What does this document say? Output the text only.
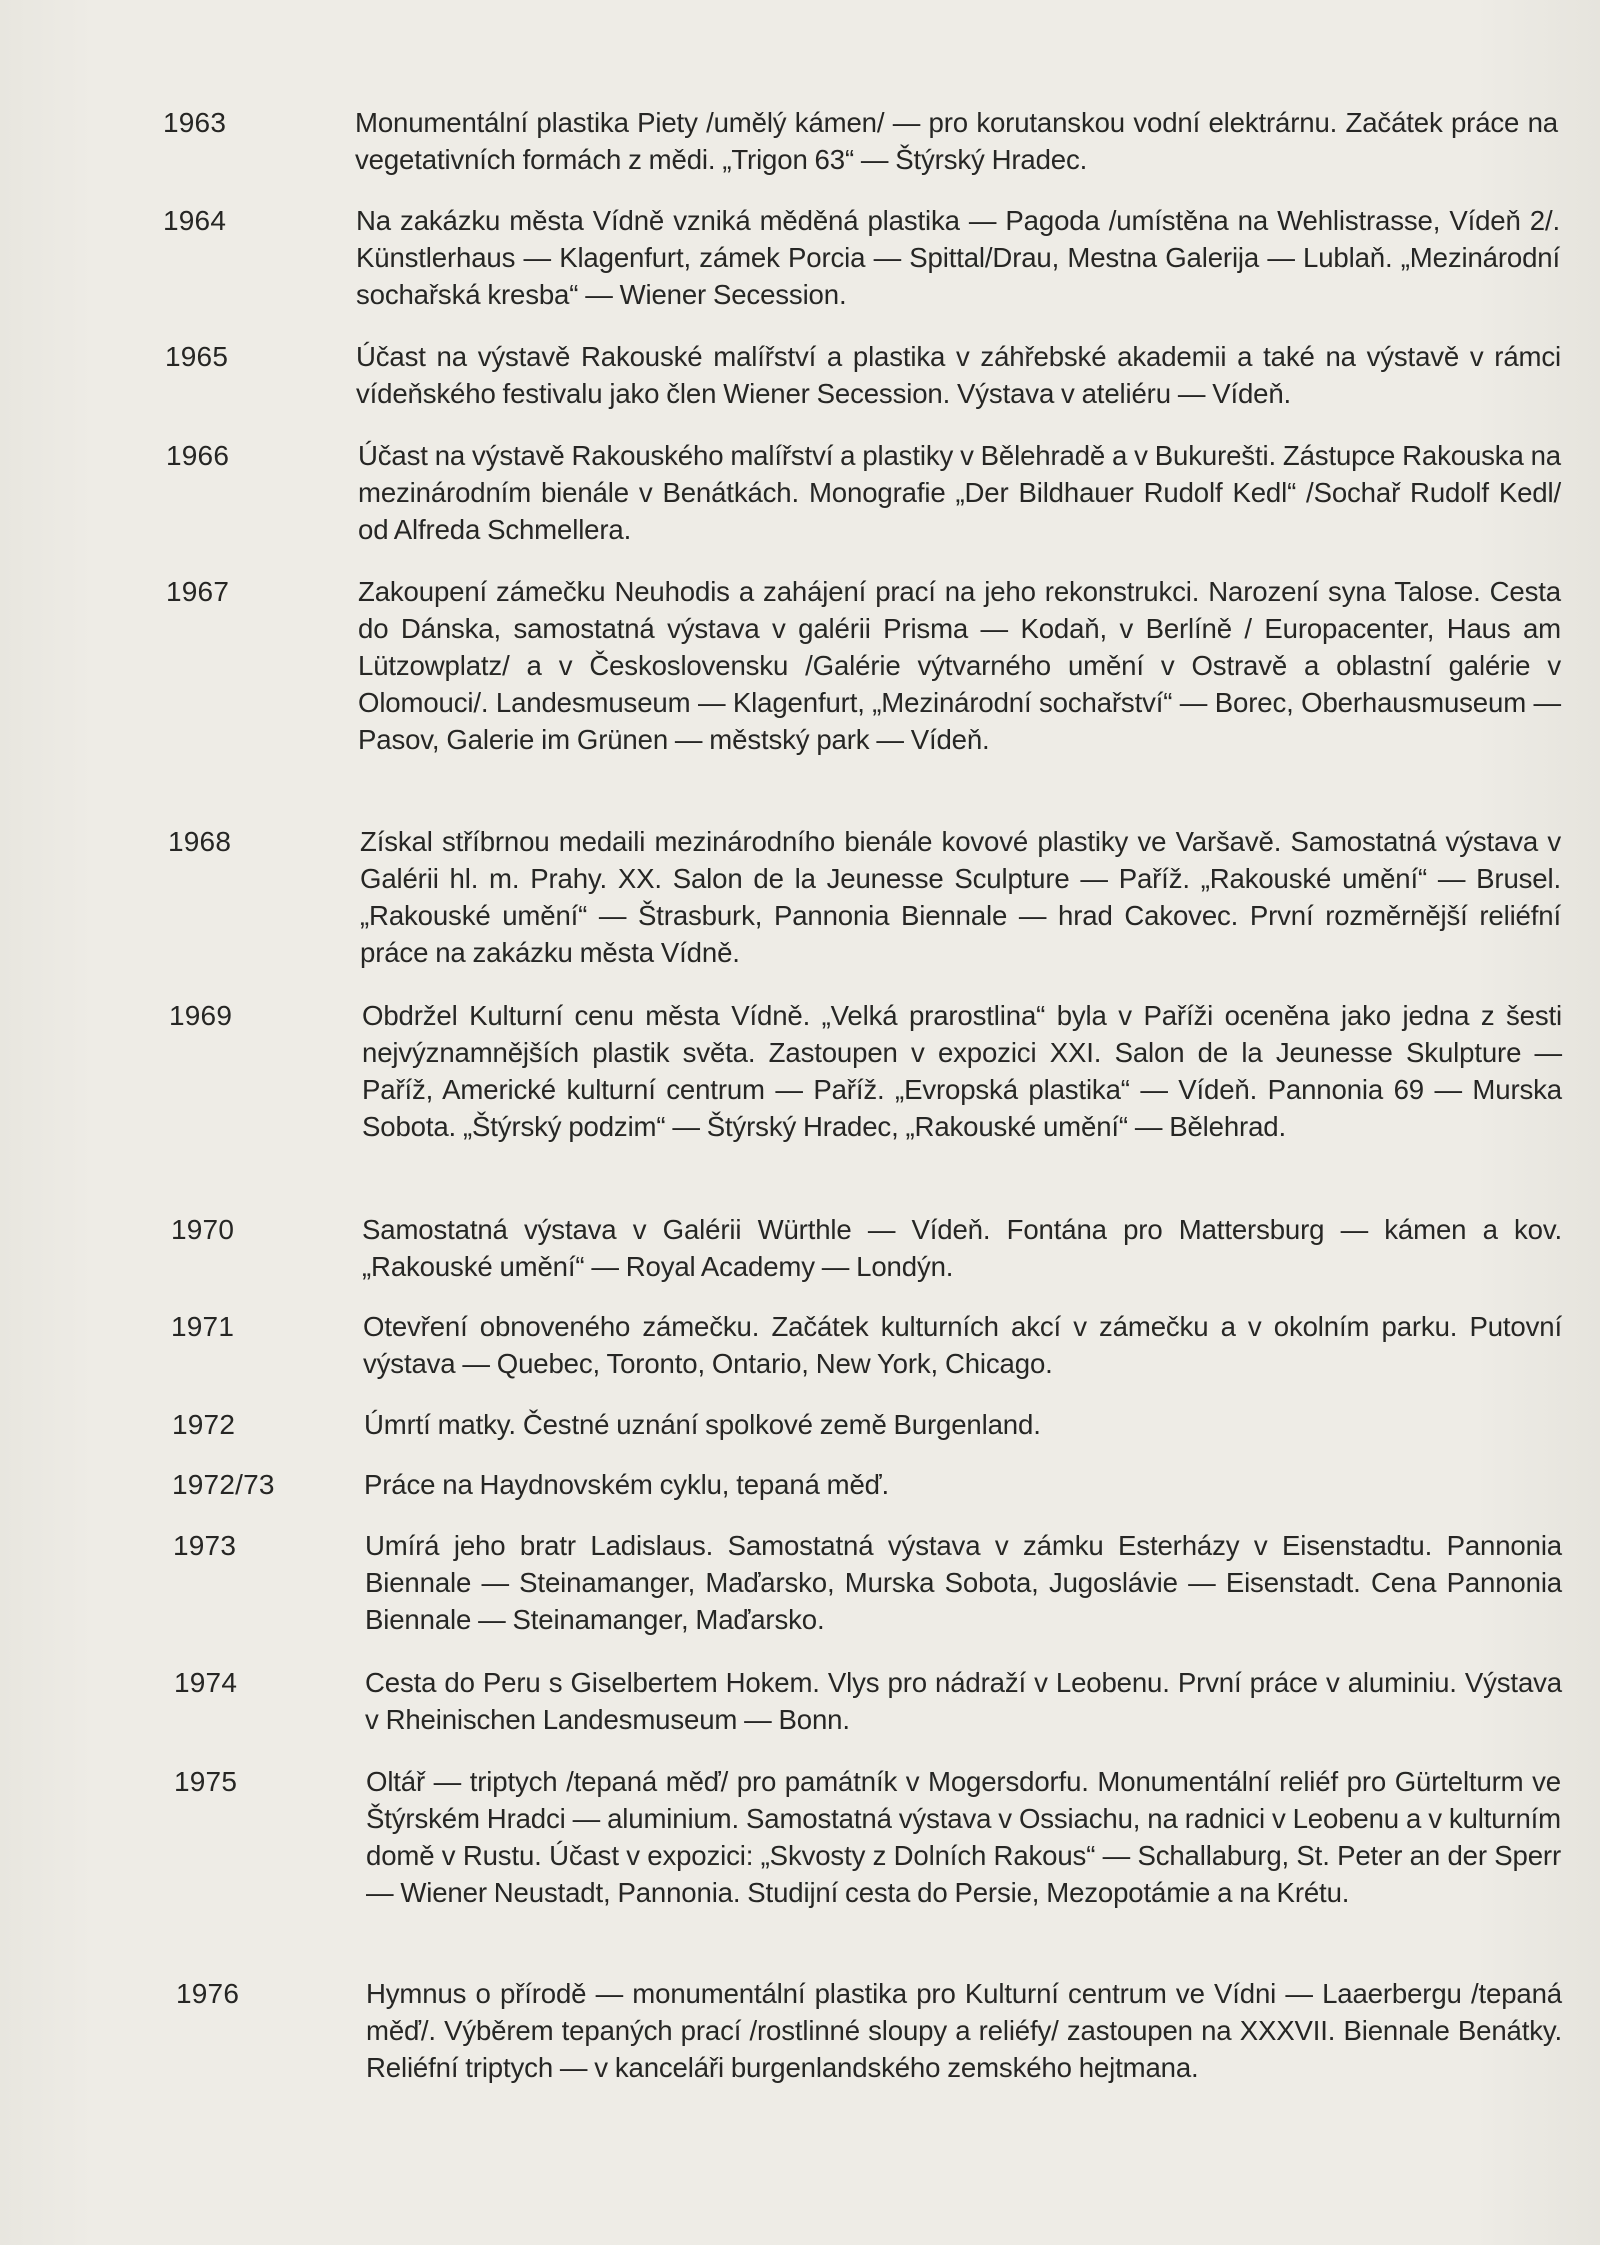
1963	Monumentální plastika Piety /umělý kámen/ — pro korutanskou vodní elektrárnu. Začátek práce na vegetativních formách z mědi. „Trigon 63“ — Štýrský Hradec.
1964	Na zakázku města Vídně vzniká měděná plastika — Pagoda /umístěna na Wehlistrasse, Vídeň 2/. Künstlerhaus — Klagenfurt, zámek Porcia — Spittal/Drau, Mestna Galerija — Lublaň. „Mezinárodní sochařská kresba“ — Wiener Secession.
1965	Účast na výstavě Rakouské malířství a plastika v záhřebské akademii a také na výstavě v rámci vídeňského festivalu jako člen Wiener Secession. Výstava v ateliéru — Vídeň.
1966	Účast na výstavě Rakouského malířství a plastiky v Bělehradě a v Bukurešti. Zástupce Rakouska na mezinárodním bienále v Benátkách. Monografie „Der Bildhauer Rudolf Kedl“ /Sochař Rudolf Kedl/ od Alfreda Schmellera.
1967	Zakoupení zámečku Neuhodis a zahájení prací na jeho rekonstrukci. Narození syna Talose. Cesta do Dánska, samostatná výstava v galérii Prisma — Kodaň, v Berlíně / Europacenter, Haus am Lützowplatz/ a v Československu /Galérie výtvarného umění v Ostravě a oblastní galérie v Olomouci/. Landesmuseum — Klagenfurt, „Mezinárodní sochařství“ — Borec, Oberhausmuseum — Pasov, Galerie im Grünen — městský park — Vídeň.
1968	Získal stříbrnou medaili mezinárodního bienále kovové plastiky ve Varšavě. Samostatná výstava v Galérii hl. m. Prahy. XX. Salon de la Jeunesse Sculpture — Paříž. „Rakouské umění“ — Brusel. „Rakouské umění“ — Štrasburk, Pannonia Biennale — hrad Cakovec. První rozměrnější reliéfní práce na zakázku města Vídně.
1969	Obdržel Kulturní cenu města Vídně. „Velká prarostlina“ byla v Paříži oceněna jako jedna z šesti nejvýznamnějších plastik světa. Zastoupen v expozici XXI. Salon de la Jeunesse Skulpture — Paříž, Americké kulturní centrum — Paříž. „Evropská plastika“ — Vídeň. Pannonia 69 — Murska Sobota. „Štýrský podzim“ — Štýrský Hradec, „Rakouské umění“ — Bělehrad.
1970	Samostatná výstava v Galérii Würthle — Vídeň. Fontána pro Mattersburg — kámen a kov. „Rakouské umění“ — Royal Academy — Londýn.
1971	Otevření obnoveného zámečku. Začátek kulturních akcí v zámečku a v okolním parku. Putovní výstava — Quebec, Toronto, Ontario, New York, Chicago.
1972	Úmrtí matky. Čestné uznání spolkové země Burgenland.
1972/73	Práce na Haydnovském cyklu, tepaná měď.
1973	Umírá jeho bratr Ladislaus. Samostatná výstava v zámku Esterházy v Eisenstadtu. Pannonia Biennale — Steinamanger, Maďarsko, Murska Sobota, Jugoslávie — Eisenstadt. Cena Pannonia Biennale — Steinamanger, Maďarsko.
1974	Cesta do Peru s Giselbertem Hokem. Vlys pro nádraží v Leobenu. První práce v aluminiu. Výstava v Rheinischen Landesmuseum — Bonn.
1975	Oltář — triptych /tepaná měď/ pro památník v Mogersdorfu. Monumentální reliéf pro Gürtelturm ve Štýrském Hradci — aluminium. Samostatná výstava v Ossiachu, na radnici v Leobenu a v kulturním domě v Rustu. Účast v expozici: „Skvosty z Dolních Rakous“ — Schallaburg, St. Peter an der Sperr — Wiener Neustadt, Pannonia. Studijní cesta do Persie, Mezopotámie a na Krétu.
1976	Hymnus o přírodě — monumentální plastika pro Kulturní centrum ve Vídni — Laaerbergu /tepaná měď/. Výběrem tepaných prací /rostlinné sloupy a reliéfy/ zastoupen na XXXVII. Biennale Benátky. Reliéfní triptych — v kanceláři burgenlandského zemského hejtmana.
